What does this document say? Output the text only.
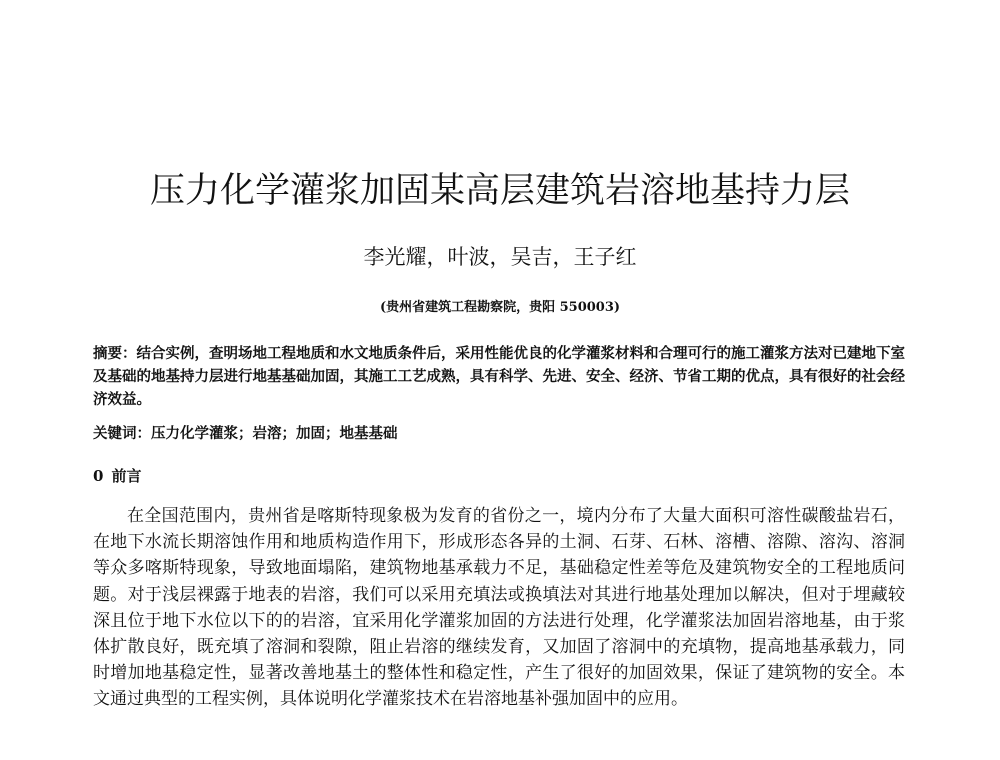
压力化学灌浆加固某高层建筑岩溶地基持力层

李光耀，叶波，吴吉，王子红

(贵州省建筑工程勘察院，贵阳 550003)

摘要：结合实例，查明场地工程地质和水文地质条件后，采用性能优良的化学灌浆材料和合理可行的施工灌浆方法对已建地下室及基础的地基持力层进行地基基础加固，其施工工艺成熟，具有科学、先进、安全、经济、节省工期的优点，具有很好的社会经济效益。

关键词：压力化学灌浆；岩溶；加固；地基基础

0 前言

在全国范围内，贵州省是喀斯特现象极为发育的省份之一，境内分布了大量大面积可溶性碳酸盐岩石，在地下水流长期溶蚀作用和地质构造作用下，形成形态各异的土洞、石芽、石林、溶槽、溶隙、溶沟、溶洞等众多喀斯特现象，导致地面塌陷，建筑物地基承载力不足，基础稳定性差等危及建筑物安全的工程地质问题。对于浅层裸露于地表的岩溶，我们可以采用充填法或换填法对其进行地基处理加以解决，但对于埋藏较深且位于地下水位以下的的岩溶，宜采用化学灌浆加固的方法进行处理，化学灌浆法加固岩溶地基，由于浆体扩散良好，既充填了溶洞和裂隙，阻止岩溶的继续发育，又加固了溶洞中的充填物，提高地基承载力，同时增加地基稳定性，显著改善地基土的整体性和稳定性，产生了很好的加固效果，保证了建筑物的安全。本文通过典型的工程实例，具体说明化学灌浆技术在岩溶地基补强加固中的应用。
